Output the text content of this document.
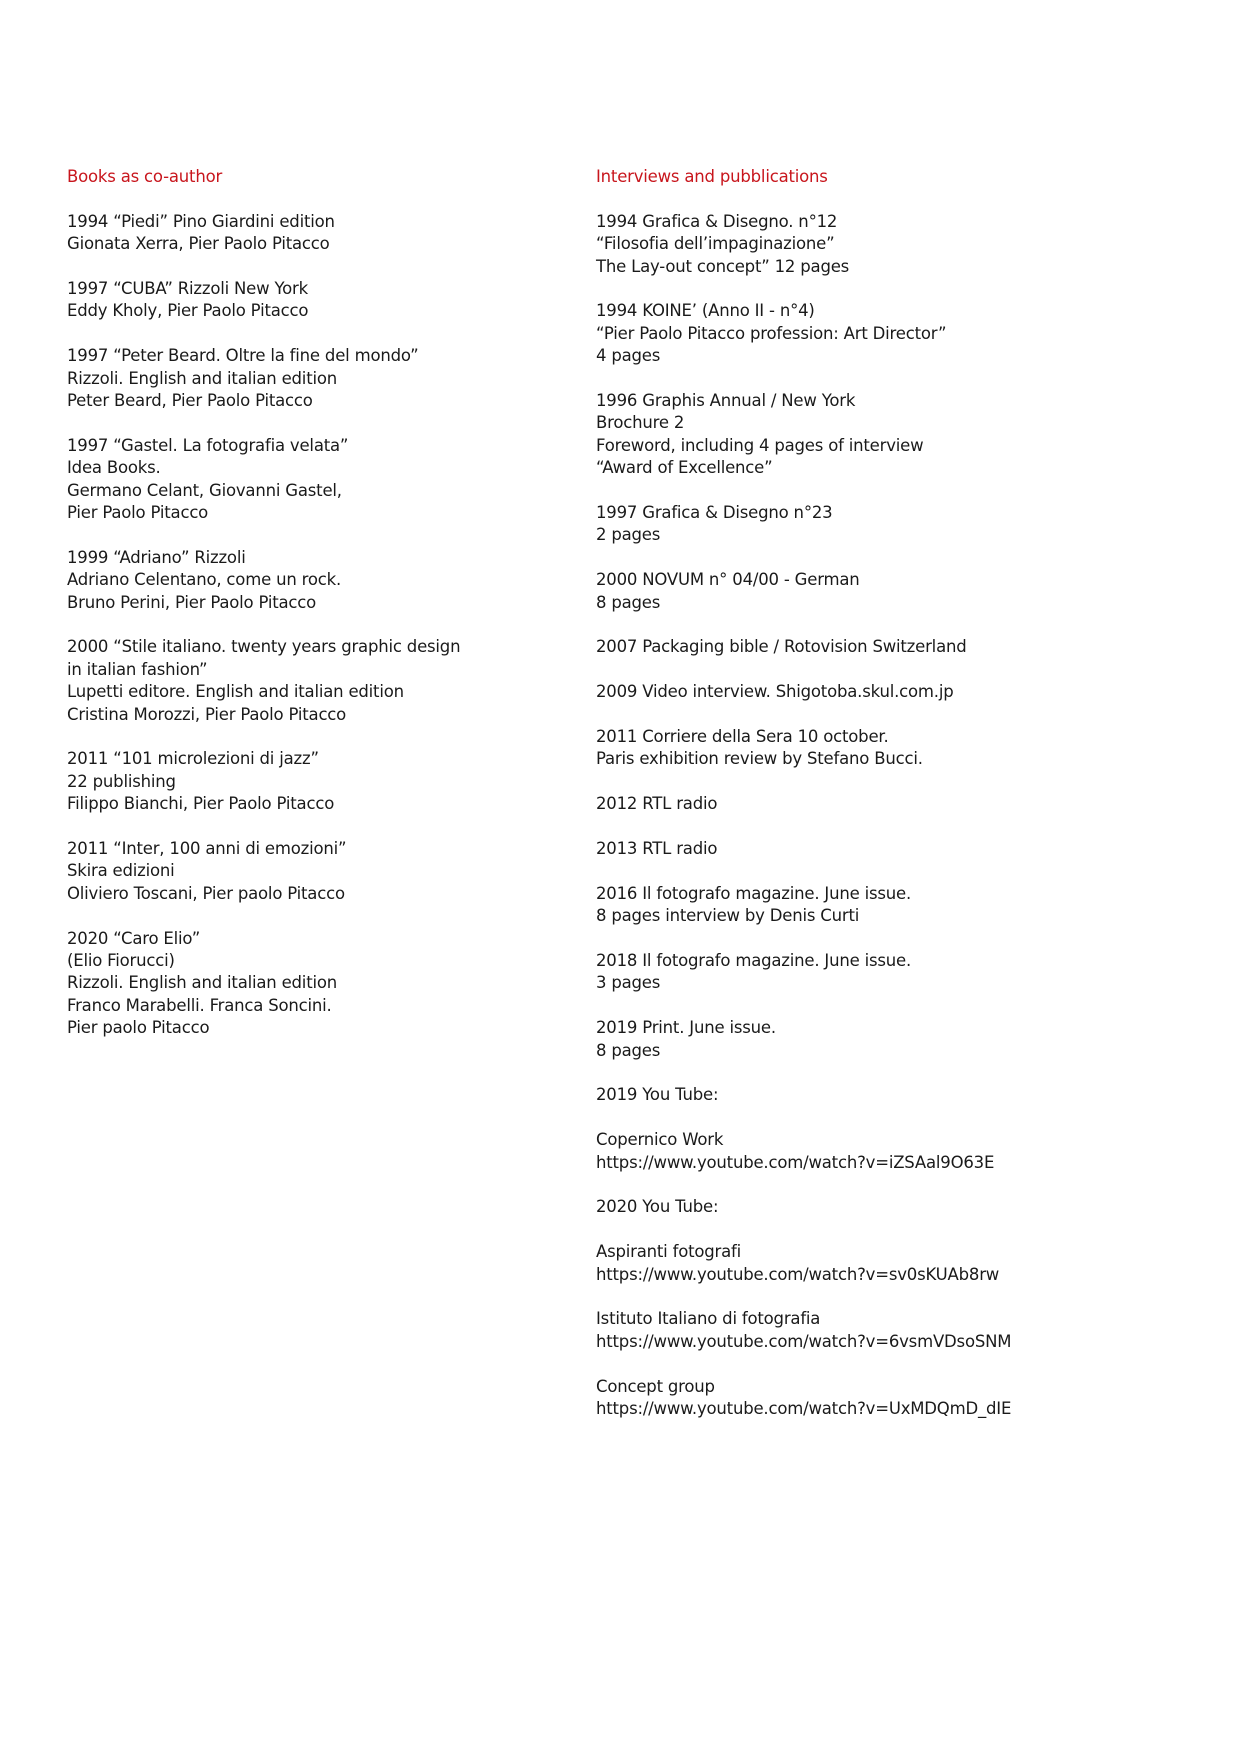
Books as co-author
1994 “Piedi” Pino Giardini edition
Gionata Xerra, Pier Paolo Pitacco
1997 “CUBA” Rizzoli New York
Eddy Kholy, Pier Paolo Pitacco
1997 “Peter Beard. Oltre la fine del mondo”
Rizzoli. English and italian edition
Peter Beard, Pier Paolo Pitacco
1997 “Gastel. La fotografia velata”
Idea Books.
Germano Celant, Giovanni Gastel,
Pier Paolo Pitacco
1999 “Adriano” Rizzoli
Adriano Celentano, come un rock.
Bruno Perini, Pier Paolo Pitacco
2000 “Stile italiano. twenty years graphic design
in italian fashion”
Lupetti editore. English and italian edition
Cristina Morozzi, Pier Paolo Pitacco
2011 “101 microlezioni di jazz”
22 publishing
Filippo Bianchi, Pier Paolo Pitacco
2011 “Inter, 100 anni di emozioni”
Skira edizioni
Oliviero Toscani, Pier paolo Pitacco
2020 “Caro Elio”
(Elio Fiorucci)
Rizzoli. English and italian edition
Franco Marabelli. Franca Soncini.
Pier paolo Pitacco
Interviews and pubblications
1994 Grafica & Disegno. n°12
“Filosofia dell’impaginazione”
The Lay-out concept” 12 pages
1994 KOINE’ (Anno II - n°4)
“Pier Paolo Pitacco profession: Art Director”
4 pages
1996 Graphis Annual / New York
Brochure 2
Foreword, including 4 pages of interview
“Award of Excellence”
1997 Grafica & Disegno n°23
2 pages
2000 NOVUM n° 04/00 - German
8 pages
2007 Packaging bible / Rotovision Switzerland
2009 Video interview. Shigotoba.skul.com.jp
2011 Corriere della Sera 10 october.
Paris exhibition review by Stefano Bucci.
2012 RTL radio
2013 RTL radio
2016 Il fotografo magazine. June issue.
8 pages interview by Denis Curti
2018 Il fotografo magazine. June issue.
3 pages
2019 Print. June issue.
8 pages
2019 You Tube:
Copernico Work
https://www.youtube.com/watch?v=iZSAal9O63E
2020 You Tube:
Aspiranti fotografi
https://www.youtube.com/watch?v=sv0sKUAb8rw
Istituto Italiano di fotografia
https://www.youtube.com/watch?v=6vsmVDsoSNM
Concept group
https://www.youtube.com/watch?v=UxMDQmD_dIE
